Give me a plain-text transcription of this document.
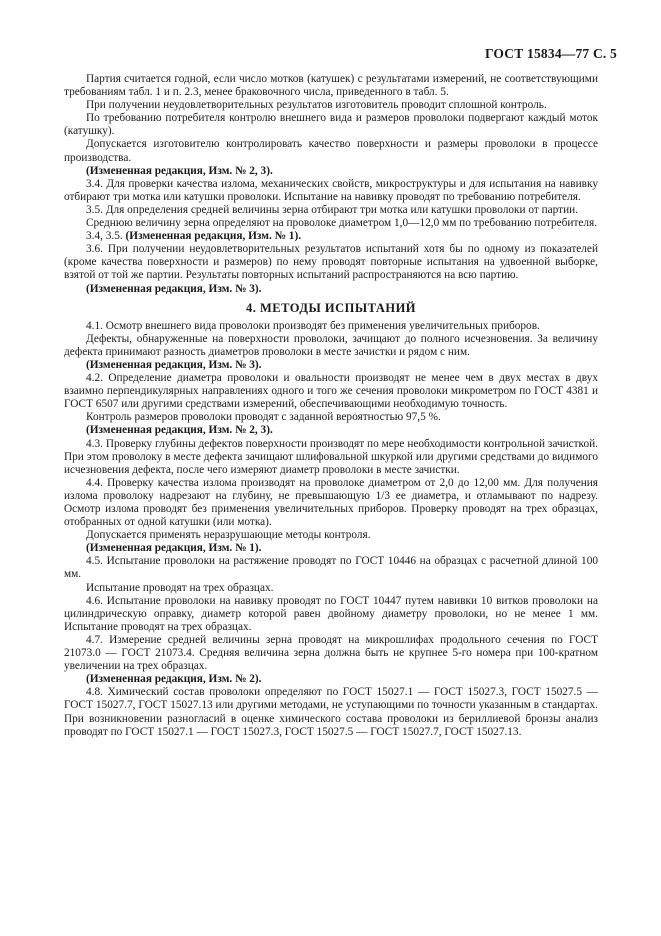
ГОСТ 15834—77 С. 5

Партия считается годной, если число мотков (катушек) с результатами измерений, не соответствующими требованиям табл. 1 и п. 2.3, менее браковочного числа, приведенного в табл. 5.

При получении неудовлетворительных результатов изготовитель проводит сплошной контроль.

По требованию потребителя контролю внешнего вида и размеров проволоки подвергают каждый моток (катушку).

Допускается изготовителю контролировать качество поверхности и размеры проволоки в процессе производства.

(Измененная редакция, Изм. № 2, 3).

3.4. Для проверки качества излома, механических свойств, микроструктуры и для испытания на навивку отбирают три мотка или катушки проволоки. Испытание на навивку проводят по требованию потребителя.

3.5. Для определения средней величины зерна отбирают три мотка или катушки проволоки от партии.

Среднюю величину зерна определяют на проволоке диаметром 1,0—12,0 мм по требованию потребителя.

3.4, 3.5. (Измененная редакция, Изм. № 1).

3.6. При получении неудовлетворительных результатов испытаний хотя бы по одному из показателей (кроме качества поверхности и размеров) по нему проводят повторные испытания на удвоенной выборке, взятой от той же партии. Результаты повторных испытаний распространяются на всю партию.

(Измененная редакция, Изм. № 3).

4. МЕТОДЫ ИСПЫТАНИЙ

4.1. Осмотр внешнего вида проволоки производят без применения увеличительных приборов.

Дефекты, обнаруженные на поверхности проволоки, зачищают до полного исчезновения. За величину дефекта принимают разность диаметров проволоки в месте зачистки и рядом с ним.

(Измененная редакция, Изм. № 3).

4.2. Определение диаметра проволоки и овальности производят не менее чем в двух местах в двух взаимно перпендикулярных направлениях одного и того же сечения проволоки микрометром по ГОСТ 4381 и ГОСТ 6507 или другими средствами измерений, обеспечивающими необходимую точность.

Контроль размеров проволоки проводят с заданной вероятностью 97,5 %.

(Измененная редакция, Изм. № 2, 3).

4.3. Проверку глубины дефектов поверхности производят по мере необходимости контрольной зачисткой. При этом проволоку в месте дефекта зачищают шлифовальной шкуркой или другими средствами до видимого исчезновения дефекта, после чего измеряют диаметр проволоки в месте зачистки.

4.4. Проверку качества излома производят на проволоке диаметром от 2,0 до 12,00 мм. Для получения излома проволоку надрезают на глубину, не превышающую 1/3 ее диаметра, и отламывают по надрезу. Осмотр излома проводят без применения увеличительных приборов. Проверку проводят на трех образцах, отобранных от одной катушки (или мотка).

Допускается применять неразрушающие методы контроля.

(Измененная редакция, Изм. № 1).

4.5. Испытание проволоки на растяжение проводят по ГОСТ 10446 на образцах с расчетной длиной 100 мм.

Испытание проводят на трех образцах.

4.6. Испытание проволоки на навивку проводят по ГОСТ 10447 путем навивки 10 витков проволоки на цилиндрическую оправку, диаметр которой равен двойному диаметру проволоки, но не менее 1 мм. Испытание проводят на трех образцах.

4.7. Измерение средней величины зерна проводят на микрошлифах продольного сечения по ГОСТ 21073.0 — ГОСТ 21073.4. Средняя величина зерна должна быть не крупнее 5-го номера при 100-кратном увеличении на трех образцах.

(Измененная редакция, Изм. № 2).

4.8. Химический состав проволоки определяют по ГОСТ 15027.1 — ГОСТ 15027.3, ГОСТ 15027.5 — ГОСТ 15027.7, ГОСТ 15027.13 или другими методами, не уступающими по точности указанным в стандартах. При возникновении разногласий в оценке химического состава проволоки из бериллиевой бронзы анализ проводят по ГОСТ 15027.1 — ГОСТ 15027.3, ГОСТ 15027.5 — ГОСТ 15027.7, ГОСТ 15027.13.
